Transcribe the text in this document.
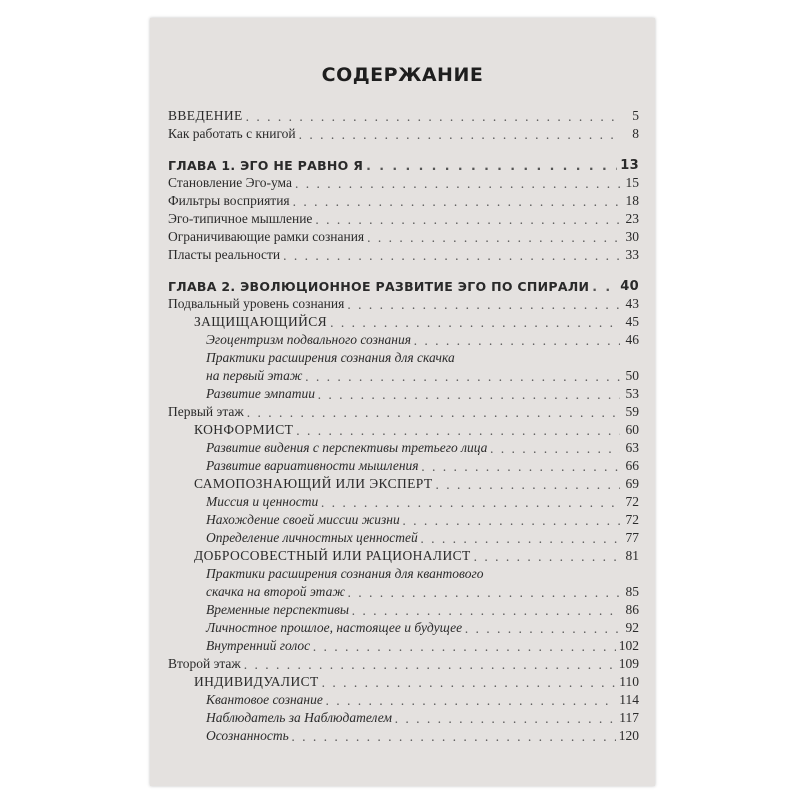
СОДЕРЖАНИЕ
ВВЕДЕНИЕ . . .	5
Как работать с книгой . . .	8
ГЛАВА 1. ЭГО НЕ РАВНО Я . . .	13
Становление Эго-ума . . .	15
Фильтры восприятия . . .	18
Эго-типичное мышление . . .	23
Ограничивающие рамки сознания . . .	30
Пласты реальности . . .	33
ГЛАВА 2. ЭВОЛЮЦИОННОЕ РАЗВИТИЕ ЭГО ПО СПИРАЛИ . . . 40
Подвальный уровень сознания . . .	43
ЗАЩИЩАЮЩИЙСЯ . . .	45
Эгоцентризм подвального сознания . . .	46
Практики расширения сознания для скачка
на первый этаж . . .	50
Развитие эмпатии . . .	53
Первый этаж . . .	59
КОНФОРМИСТ . . .	60
Развитие видения с перспективы третьего лица . . .	63
Развитие вариативности мышления . . .	66
САМОПОЗНАЮЩИЙ ИЛИ ЭКСПЕРТ . . .	69
Миссия и ценности . . .	72
Нахождение своей миссии жизни . . .	72
Определение личностных ценностей . . .	77
ДОБРОСОВЕСТНЫЙ ИЛИ РАЦИОНАЛИСТ . . .	81
Практики расширения сознания для квантового
скачка на второй этаж . . .	85
Временные перспективы . . .	86
Личностное прошлое, настоящее и будущее . . .	92
Внутренний голос . . .	102
Второй этаж . . .	109
ИНДИВИДУАЛИСТ . . .	110
Квантовое сознание . . .	114
Наблюдатель за Наблюдателем . . .	117
Осознанность . . .	120
